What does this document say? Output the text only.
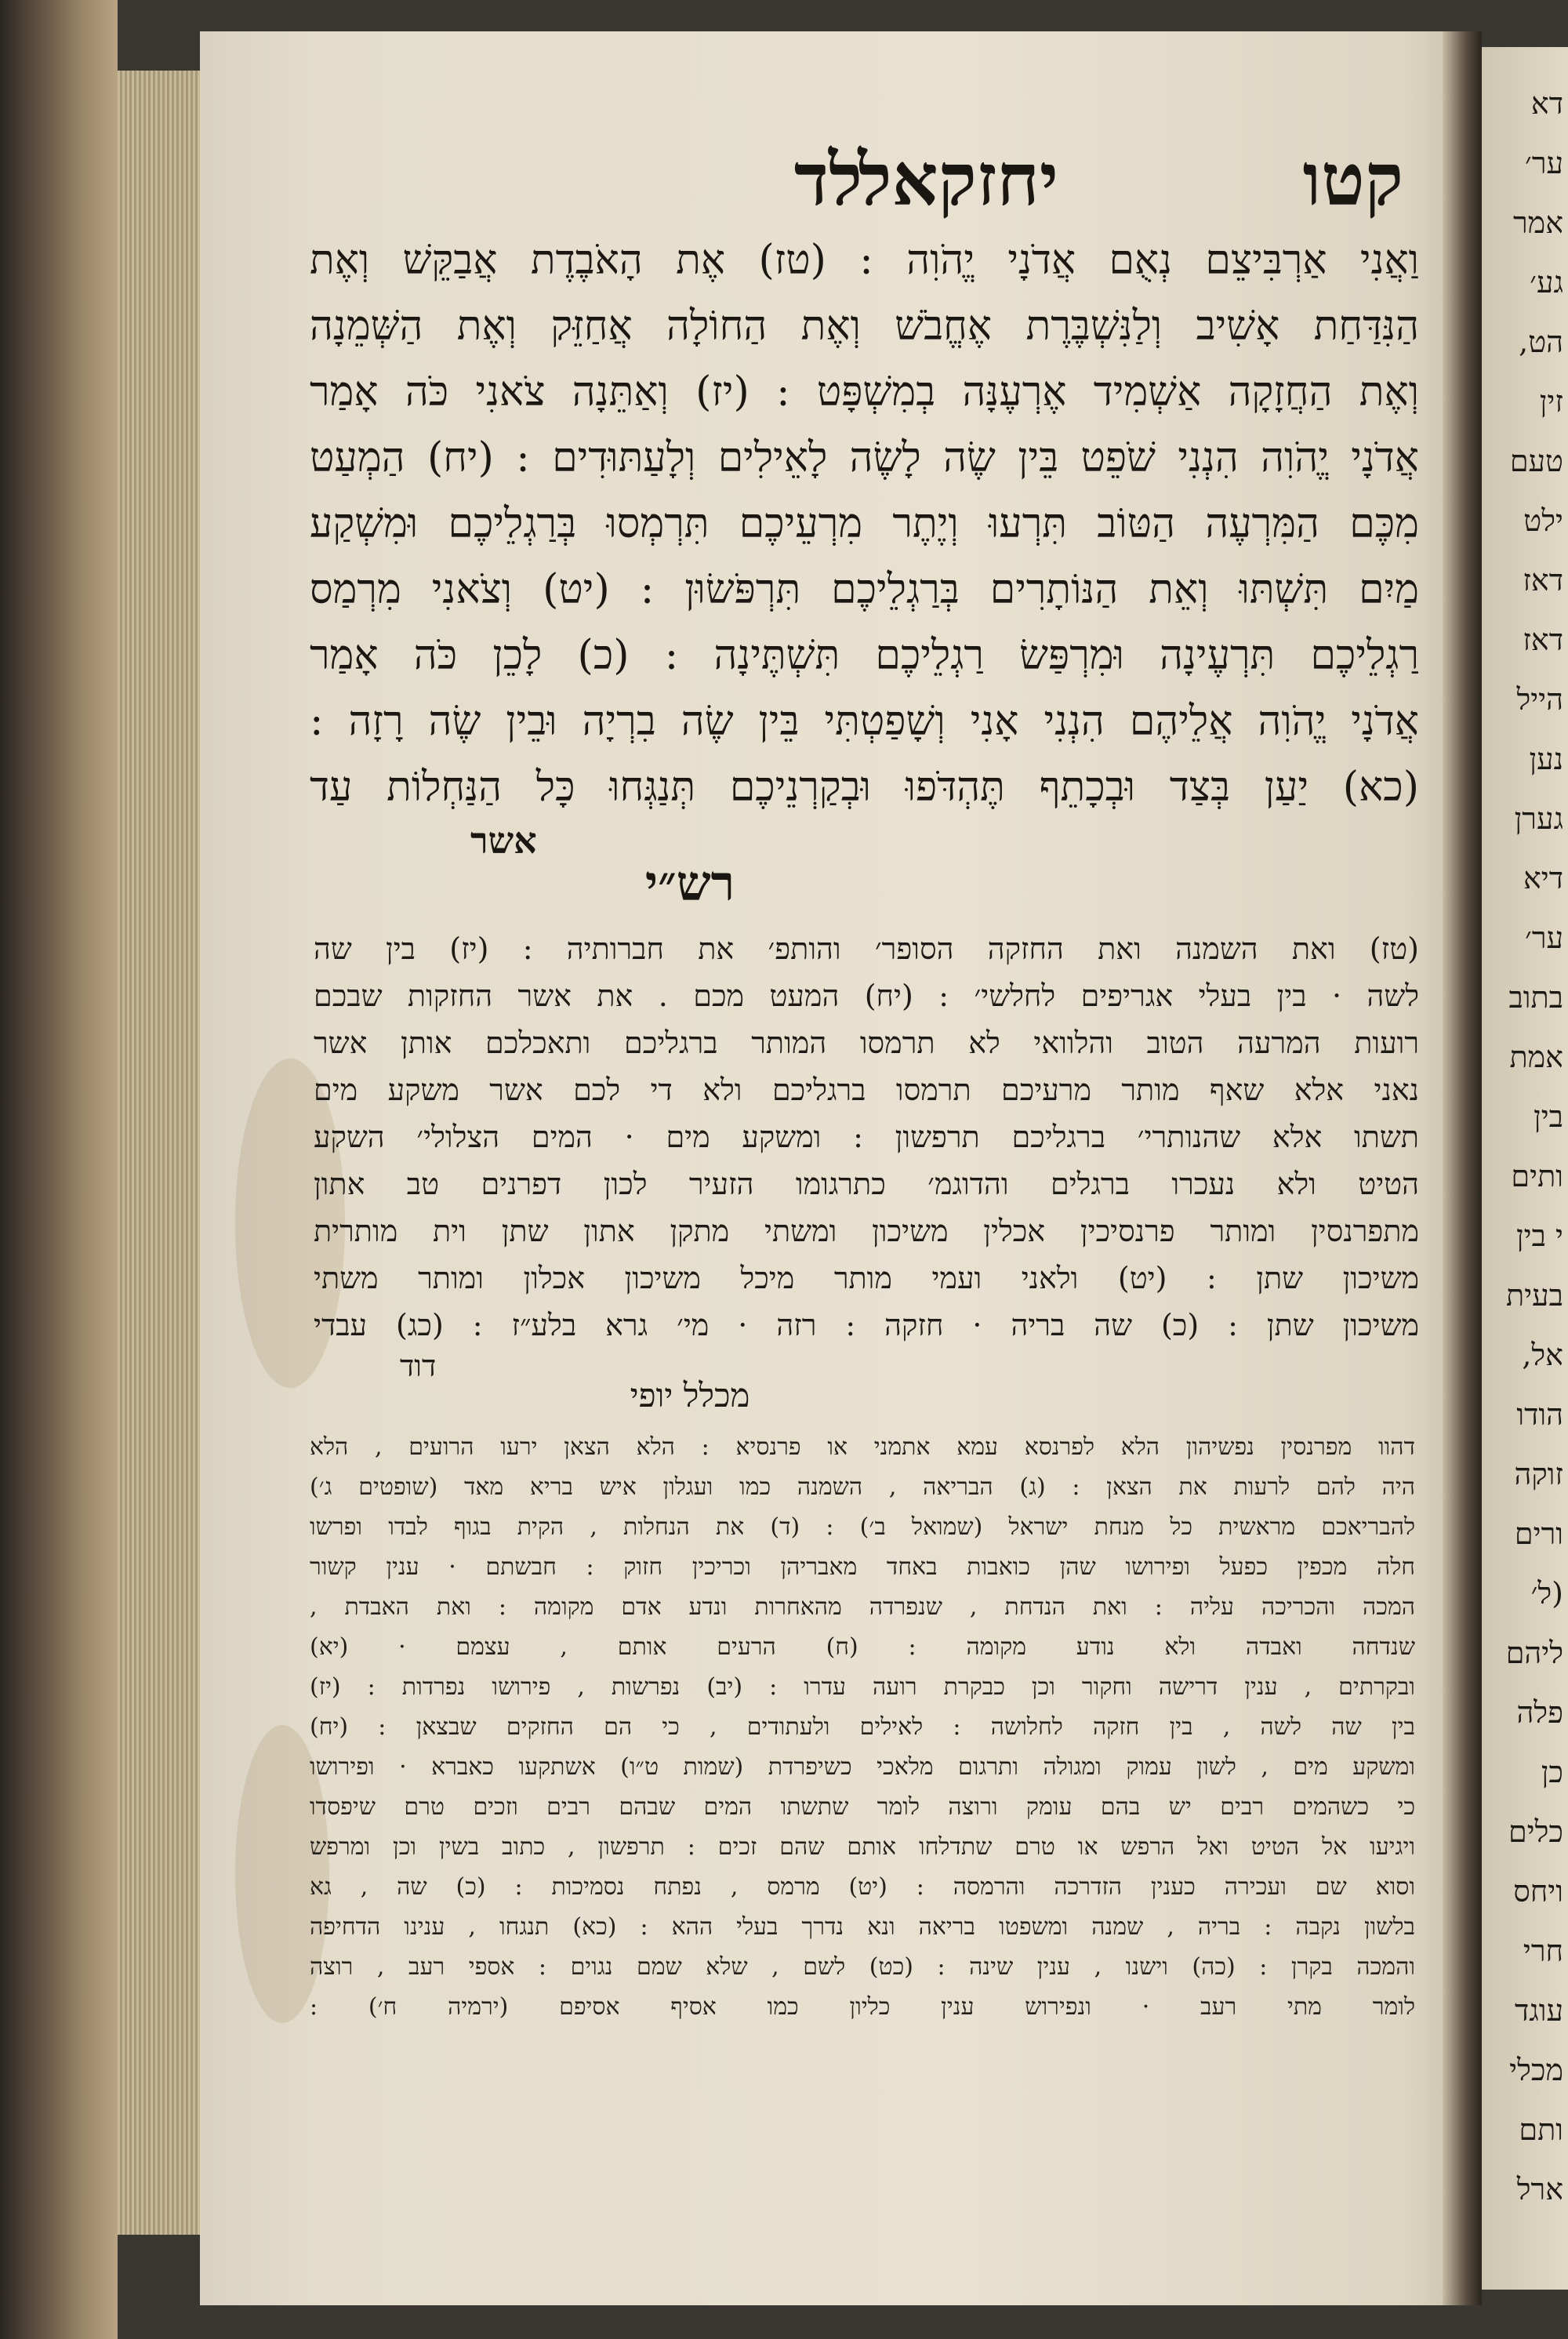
דא
ער׳
אמר
גע׳
הט,
זין
טעם
ילט
דאז
דאז
הייל
נען
גערן
דיא
ער׳
בתוב
אמת
בין
ותים
י בין
בעית
אל,
הודו
זוקה
ורים
(ל׳
ליהם
פלה
כן
כלים
ויחס
חרי
עוגד
מכלי
ותם
ארל
קטו
לד
יחזקאל
וַאֲנִי אַרְבִּיצֵם נְאֻם אֲדֹנָי יֱהֹוִה : (טז) אֶת הָאֹבֶדֶת אֲבַקֵּשׁ וְאֶת
הַנִּדַּחַת אָשִׁיב וְלַנִּשְׁבֶּרֶת אֶחֱבֹשׁ וְאֶת הַחוֹלָה אֲחַזֵּק וְאֶת הַשְּׁמֵנָה
וְאֶת הַחֲזָקָה אַשְׁמִיד אֶרְעֶנָּה בְמִשְׁפָּט : (יז) וְאַתֵּנָה צֹאנִי כֹּה אָמַר
אֲדֹנָי יֱהֹוִה הִנְנִי שֹׁפֵט בֵּין שֶׂה לָשֶׂה לָאֵילִים וְלָעַתּוּדִים : (יח) הַמְעַט
מִכֶּם הַמִּרְעֶה הַטּוֹב תִּרְעוּ וְיֶתֶר מִרְעֵיכֶם תִּרְמְסוּ בְּרַגְלֵיכֶם וּמִשְׁקַע
מַיִם תִּשְׁתּוּ וְאֵת הַנּוֹתָרִים בְּרַגְלֵיכֶם תִּרְפֹּשׂוּן : (יט) וְצֹאנִי מִרְמַס
רַגְלֵיכֶם תִּרְעֶינָה וּמִרְפַּשׂ רַגְלֵיכֶם תִּשְׁתֶּינָה : (כ) לָכֵן כֹּה אָמַר
אֲדֹנָי יֱהֹוִה אֲלֵיהֶם הִנְנִי אָנִי וְשָׁפַטְתִּי בֵּין שֶׂה בִרְיָה וּבֵין שֶׂה רָזָה :
(כא) יַעַן בְּצַד וּבְכָתֵף תֶּהְדֹּפוּ וּבְקַרְנֵיכֶם תְּנַגְּחוּ כָּל הַנַּחְלוֹת עַד
אשר
רש״י
(טז) ואת השמנה ואת החזקה הסופר׳ והותפ׳ את חברותיה : (יז) בין שה
לשה · בין בעלי אגריפים לחלשי׳ : (יח) המעט מכם . את אשר החזקות שבכם
רועות המרעה הטוב והלוואי לא תרמסו המותר ברגליכם ותאכלכם אותן אשר
נאני אלא שאף מותר מרעיכם תרמסו ברגליכם ולא די לכם אשר משקע מים
תשתו אלא שהנותרי׳ ברגליכם תרפשון : ומשקע מים · המים הצלולי׳ השקע
הטיט ולא נעכרו ברגלים והדוגמ׳ כתרגומו הזעיר לכון דפרנים טב אתון
מתפרנסין ומותר פרנסיכין אכלין משיכון ומשתי מתקן אתון שתן וית מותרית
משיכון שתן : (יט) ולאני ועמי מותר מיכל משיכון אכלון ומותר משתי
משיכון שתן : (כ) שה בריה · חזקה : רזה · מי׳ גרא בלע״ז : (כג) עבדי
דוד
מכלל יופי
דהוו מפרנסין נפשיהון הלא לפרנסא עמא אתמני או פרנסיא : הלא הצאן ירעו הרועים , הלא
היה להם לרעות את הצאן : (ג) הבריאה , השמנה כמו ועגלון איש בריא מאד (שופטים ג׳)
להבריאכם מראשית כל מנחת ישראל (שמואל ב׳) : (ד) את הנחלות , הקית בגוף לבדו ופרשו
חלה מכפין כפעל ופירושו שהן כואבות באחד מאבריהן וכריכין חזוק : חבשתם · ענין קשור
המכה והכריכה עליה : ואת הנדחת , שנפרדה מהאחרות ונדע אדם מקומה : ואת האבדת ,
שנדחה ואבדה ולא נודע מקומה : (ח) הרעים אותם , עצמם · (יא)
ובקרתים , ענין דרישה וחקור וכן כבקרת רועה עדרו : (יב) נפרשות , פירושו נפרדות : (יז)
בין שה לשה , בין חזקה לחלושה : לאילים ולעתודים , כי הם החזקים שבצאן : (יח)
ומשקע מים , לשון עמוק ומגולה ותרגום מלאכי כשיפרדת (שמות ט״ו) אשתקעו כאברא · ופירושו
כי כשהמים רבים יש בהם עומק ורוצה לומר שתשתו המים שבהם רבים וזכים טרם שיפסדו
ויגיעו אל הטיט ואל הרפש או טרם שתדלחו אותם שהם זכים : תרפשון , כתוב בשין וכן ומרפש
וסוא שם ועכירה כענין הזדרכה והרמסה : (יט) מרמס , נפתח נסמיכות : (כ) שה , גא
בלשון נקבה : בריה , שמנה ומשפטו בריאה ונא נדרך בעלי ההא : (כא) תנגחו , ענינו הדחיפה
והמכה בקרן : (כה) וישנו , ענין שינה : (כט) לשם , שלא שמם נגוים : אספי רעב , רוצה
לומר מתי רעב · ונפירוש ענין כליון כמו אסיף אסיפם (ירמיה ח׳) :
